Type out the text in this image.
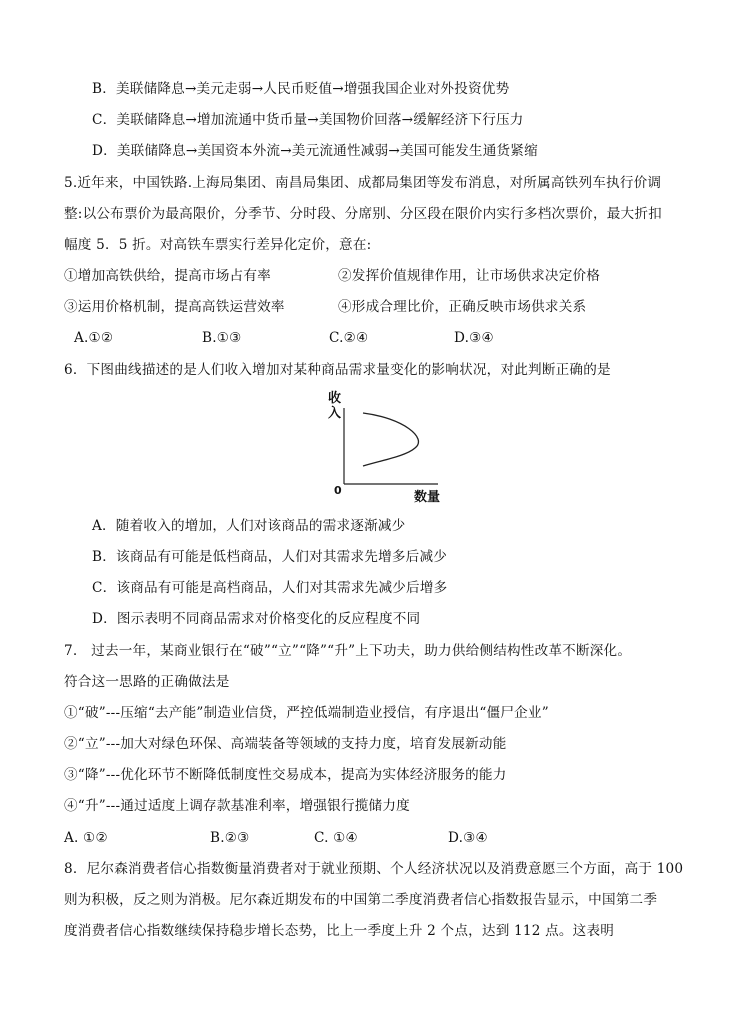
B．美联储降息→美元走弱→人民币贬值→增强我国企业对外投资优势
C．美联储降息→增加流通中货币量→美国物价回落→缓解经济下行压力
D．美联储降息→美国资本外流→美元流通性减弱→美国可能发生通货紧缩
5.近年来，中国铁路.上海局集团、南昌局集团、成都局集团等发布消息，对所属高铁列车执行价调
整:以公布票价为最高限价，分季节、分时段、分席别、分区段在限价内实行多档次票价，最大折扣
幅度 5．5 折。对高铁车票实行差异化定价，意在:
①增加高铁供给，提高市场占有率	②发挥价值规律作用，让市场供求决定价格
③运用价格机制，提高高铁运营效率	④形成合理比价，正确反映市场供求关系
A.①②	B.①③	C.②④	D.③④
6．下图曲线描述的是人们收入增加对某种商品需求量变化的影响状况，对此判断正确的是
收
入
0	数量
A．随着收入的增加，人们对该商品的需求逐渐减少
B．该商品有可能是低档商品，人们对其需求先增多后减少
C．该商品有可能是高档商品，人们对其需求先减少后增多
D．图示表明不同商品需求对价格变化的反应程度不同
7.　过去一年，某商业银行在“破”“立”“降”“升”上下功夫，助力供给侧结构性改革不断深化。
符合这一思路的正确做法是
①“破”---压缩“去产能”制造业信贷，严控低端制造业授信，有序退出“僵尸企业”
②“立”---加大对绿色环保、高端装备等领域的支持力度，培育发展新动能
③“降”---优化环节不断降低制度性交易成本，提高为实体经济服务的能力
④“升”---通过适度上调存款基准利率，增强银行揽储力度
A. ①②	B.②③	C. ①④	D.③④
8．尼尔森消费者信心指数衡量消费者对于就业预期、个人经济状况以及消费意愿三个方面，高于 100
则为积极，反之则为消极。尼尔森近期发布的中国第二季度消费者信心指数报告显示，中国第二季
度消费者信心指数继续保持稳步增长态势，比上一季度上升 2 个点，达到 112 点。这表明
